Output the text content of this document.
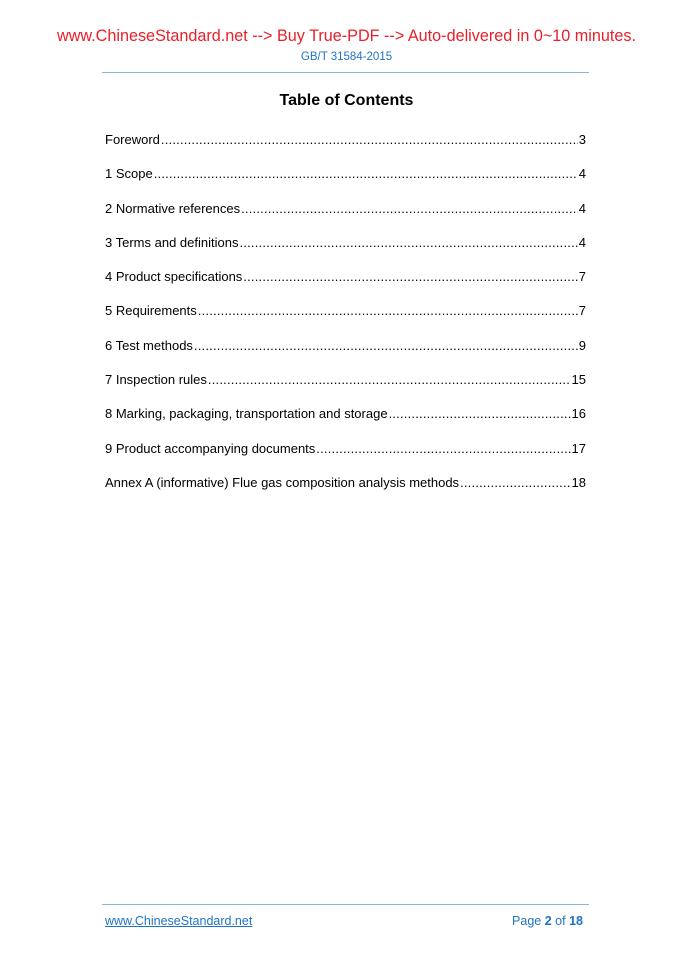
www.ChineseStandard.net --> Buy True-PDF --> Auto-delivered in 0~10 minutes.
GB/T 31584-2015
Table of Contents
Foreword .....	3
1 Scope .....	4
2 Normative references .....	4
3 Terms and definitions .....	4
4 Product specifications .....	7
5 Requirements .....	7
6 Test methods .....	9
7 Inspection rules .....	15
8 Marking, packaging, transportation and storage .....	16
9 Product accompanying documents .....	17
Annex A (informative) Flue gas composition analysis methods .....	18
www.ChineseStandard.net	Page 2 of 18
